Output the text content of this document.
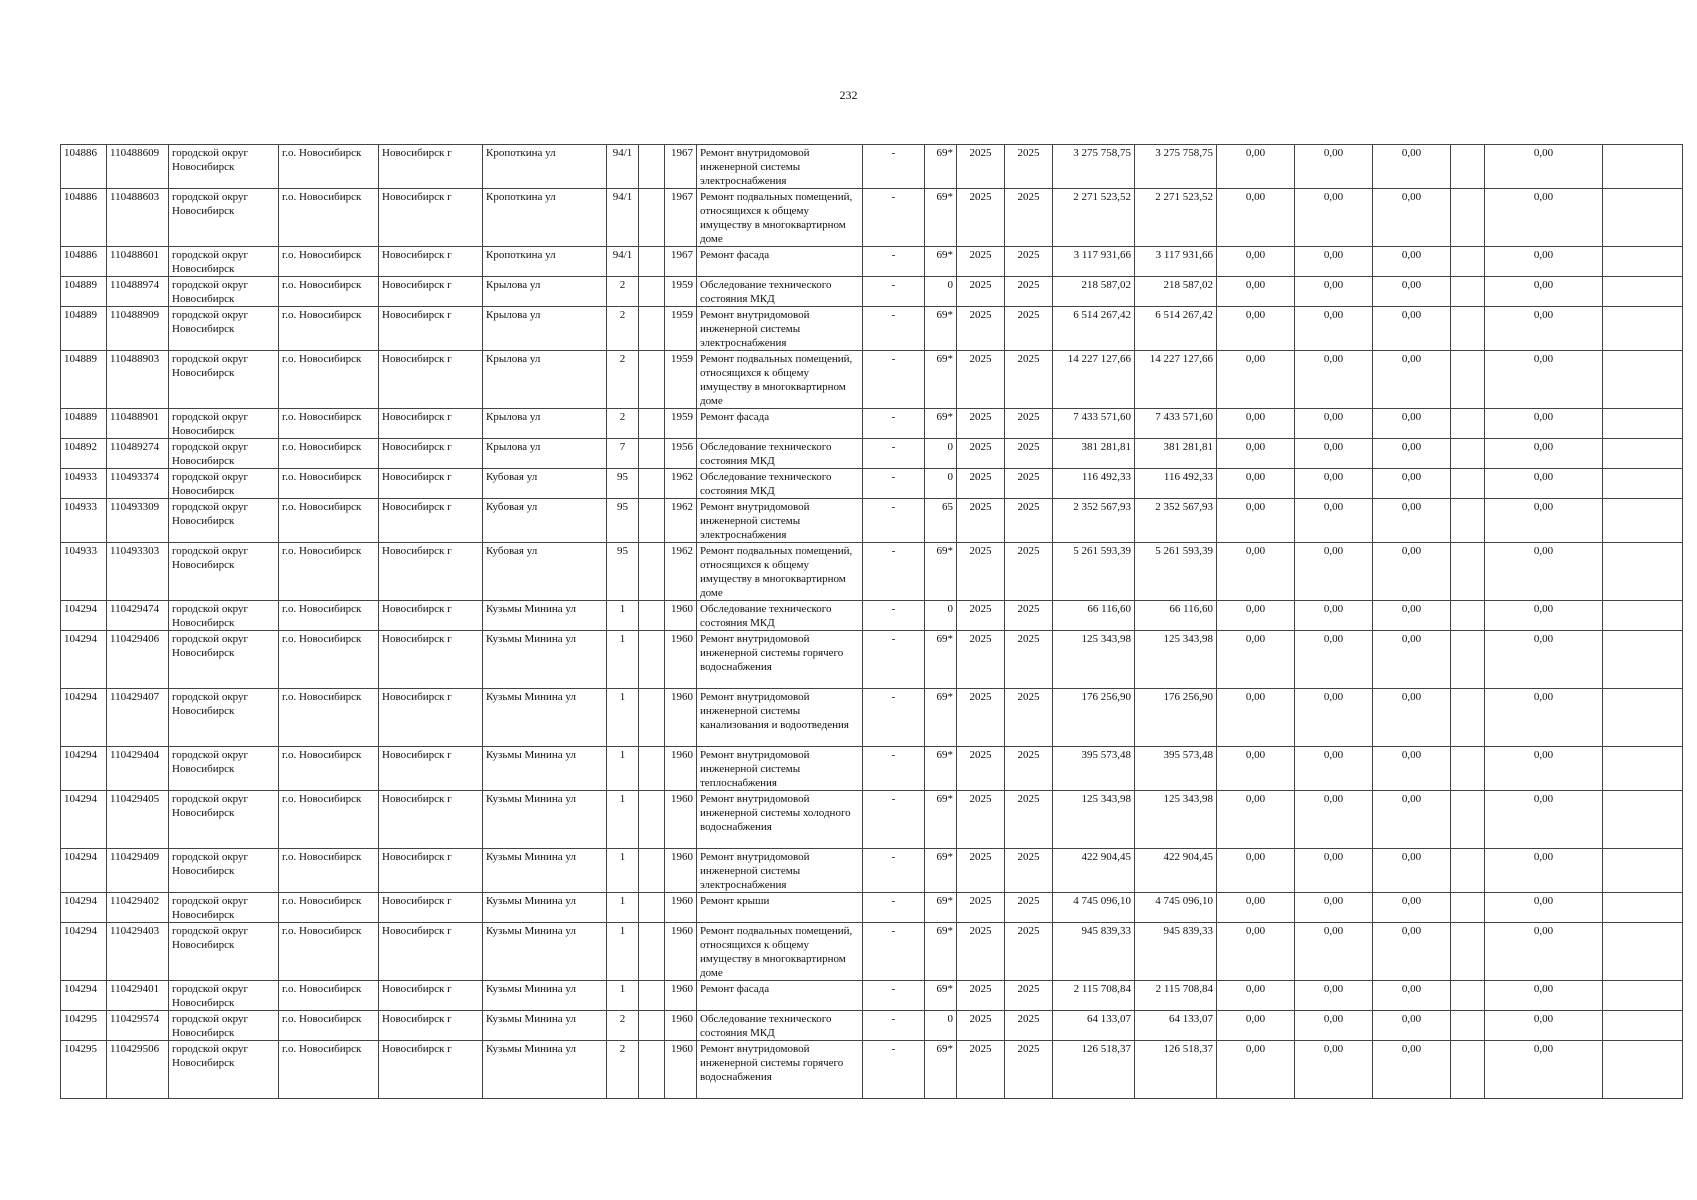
232
104886	110488609	городской округ Новосибирск	г.о. Новосибирск	Новосибирск г	Кропоткина ул	94/1		1967	Ремонт внутридомовой инженерной системы электроснабжения	-	69*	2025	2025	3 275 758,75	3 275 758,75	0,00	0,00	0,00		0,00	
104886	110488603	городской округ Новосибирск	г.о. Новосибирск	Новосибирск г	Кропоткина ул	94/1		1967	Ремонт подвальных помещений, относящихся к общему имуществу в многоквартирном доме	-	69*	2025	2025	2 271 523,52	2 271 523,52	0,00	0,00	0,00		0,00	
104886	110488601	городской округ Новосибирск	г.о. Новосибирск	Новосибирск г	Кропоткина ул	94/1		1967	Ремонт фасада	-	69*	2025	2025	3 117 931,66	3 117 931,66	0,00	0,00	0,00		0,00	
104889	110488974	городской округ Новосибирск	г.о. Новосибирск	Новосибирск г	Крылова ул	2		1959	Обследование технического состояния МКД	-	0	2025	2025	218 587,02	218 587,02	0,00	0,00	0,00		0,00	
104889	110488909	городской округ Новосибирск	г.о. Новосибирск	Новосибирск г	Крылова ул	2		1959	Ремонт внутридомовой инженерной системы электроснабжения	-	69*	2025	2025	6 514 267,42	6 514 267,42	0,00	0,00	0,00		0,00	
104889	110488903	городской округ Новосибирск	г.о. Новосибирск	Новосибирск г	Крылова ул	2		1959	Ремонт подвальных помещений, относящихся к общему имуществу в многоквартирном доме	-	69*	2025	2025	14 227 127,66	14 227 127,66	0,00	0,00	0,00		0,00	
104889	110488901	городской округ Новосибирск	г.о. Новосибирск	Новосибирск г	Крылова ул	2		1959	Ремонт фасада	-	69*	2025	2025	7 433 571,60	7 433 571,60	0,00	0,00	0,00		0,00	
104892	110489274	городской округ Новосибирск	г.о. Новосибирск	Новосибирск г	Крылова ул	7		1956	Обследование технического состояния МКД	-	0	2025	2025	381 281,81	381 281,81	0,00	0,00	0,00		0,00	
104933	110493374	городской округ Новосибирск	г.о. Новосибирск	Новосибирск г	Кубовая ул	95		1962	Обследование технического состояния МКД	-	0	2025	2025	116 492,33	116 492,33	0,00	0,00	0,00		0,00	
104933	110493309	городской округ Новосибирск	г.о. Новосибирск	Новосибирск г	Кубовая ул	95		1962	Ремонт внутридомовой инженерной системы электроснабжения	-	65	2025	2025	2 352 567,93	2 352 567,93	0,00	0,00	0,00		0,00	
104933	110493303	городской округ Новосибирск	г.о. Новосибирск	Новосибирск г	Кубовая ул	95		1962	Ремонт подвальных помещений, относящихся к общему имуществу в многоквартирном доме	-	69*	2025	2025	5 261 593,39	5 261 593,39	0,00	0,00	0,00		0,00	
104294	110429474	городской округ Новосибирск	г.о. Новосибирск	Новосибирск г	Кузьмы Минина ул	1		1960	Обследование технического состояния МКД	-	0	2025	2025	66 116,60	66 116,60	0,00	0,00	0,00		0,00	
104294	110429406	городской округ Новосибирск	г.о. Новосибирск	Новосибирск г	Кузьмы Минина ул	1		1960	Ремонт внутридомовой инженерной системы горячего водоснабжения	-	69*	2025	2025	125 343,98	125 343,98	0,00	0,00	0,00		0,00	
104294	110429407	городской округ Новосибирск	г.о. Новосибирск	Новосибирск г	Кузьмы Минина ул	1		1960	Ремонт внутридомовой инженерной системы канализования и водоотведения	-	69*	2025	2025	176 256,90	176 256,90	0,00	0,00	0,00		0,00	
104294	110429404	городской округ Новосибирск	г.о. Новосибирск	Новосибирск г	Кузьмы Минина ул	1		1960	Ремонт внутридомовой инженерной системы теплоснабжения	-	69*	2025	2025	395 573,48	395 573,48	0,00	0,00	0,00		0,00	
104294	110429405	городской округ Новосибирск	г.о. Новосибирск	Новосибирск г	Кузьмы Минина ул	1		1960	Ремонт внутридомовой инженерной системы холодного водоснабжения	-	69*	2025	2025	125 343,98	125 343,98	0,00	0,00	0,00		0,00	
104294	110429409	городской округ Новосибирск	г.о. Новосибирск	Новосибирск г	Кузьмы Минина ул	1		1960	Ремонт внутридомовой инженерной системы электроснабжения	-	69*	2025	2025	422 904,45	422 904,45	0,00	0,00	0,00		0,00	
104294	110429402	городской округ Новосибирск	г.о. Новосибирск	Новосибирск г	Кузьмы Минина ул	1		1960	Ремонт крыши	-	69*	2025	2025	4 745 096,10	4 745 096,10	0,00	0,00	0,00		0,00	
104294	110429403	городской округ Новосибирск	г.о. Новосибирск	Новосибирск г	Кузьмы Минина ул	1		1960	Ремонт подвальных помещений, относящихся к общему имуществу в многоквартирном доме	-	69*	2025	2025	945 839,33	945 839,33	0,00	0,00	0,00		0,00	
104294	110429401	городской округ Новосибирск	г.о. Новосибирск	Новосибирск г	Кузьмы Минина ул	1		1960	Ремонт фасада	-	69*	2025	2025	2 115 708,84	2 115 708,84	0,00	0,00	0,00		0,00	
104295	110429574	городской округ Новосибирск	г.о. Новосибирск	Новосибирск г	Кузьмы Минина ул	2		1960	Обследование технического состояния МКД	-	0	2025	2025	64 133,07	64 133,07	0,00	0,00	0,00		0,00	
104295	110429506	городской округ Новосибирск	г.о. Новосибирск	Новосибирск г	Кузьмы Минина ул	2		1960	Ремонт внутридомовой инженерной системы горячего водоснабжения	-	69*	2025	2025	126 518,37	126 518,37	0,00	0,00	0,00		0,00	
